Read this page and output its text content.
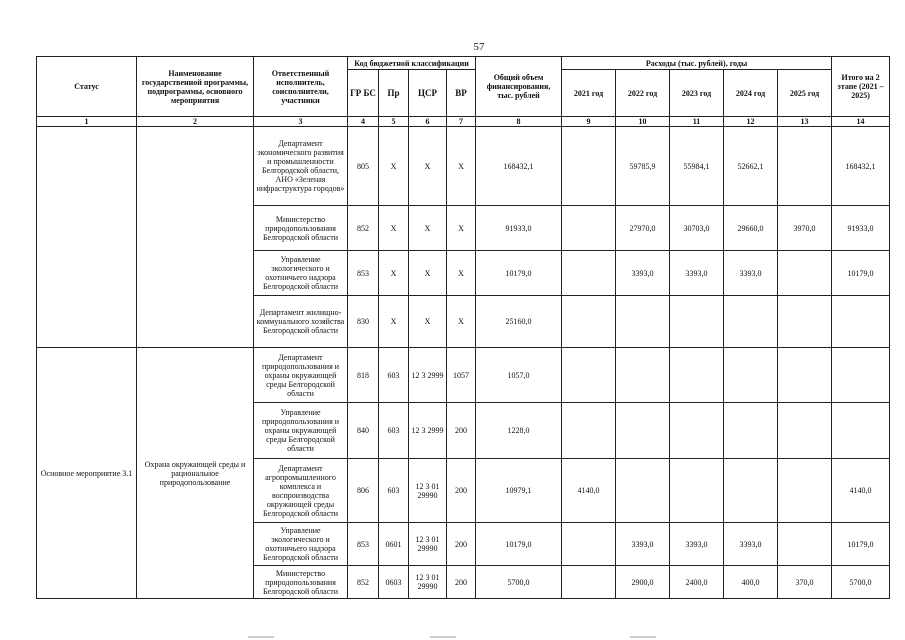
57
Статус	Наименование государственной программы, подпрограммы, основного мероприятия	Ответственный исполнитель, соисполнители, участники	Код бюджетной классификации				Общий объем финансирования, тыс. рублей	Расходы (тыс. рублей), годы					Итого на 2 этапе (2021 – 2025)
			ГР БС	Пр	ЦСР	ВР		2021 год	2022 год	2023 год	2024 год	2025 год	
1	2	3	4	5	6	7	8	9	10	11	12	13	14
		Департамент экономического развития и промышленности Белгородской области, АНО «Зеленая инфраструктура городов»	805	X	X	X	168432,1		59785,9	55984,1	52662,1		168432,1
		Министерство природопользования Белгородской области	852	X	X	X	91933,0		27970,0	30703,0	29660,0	3970,0	91933,0
		Управление экологического и охотничьего надзора Белгородской области	853	X	X	X	10179,0		3393,0	3393,0	3393,0		10179,0
		Департамент жилищно-коммунального хозяйства Белгородской области	830	X	X	X	25160,0						
Основное мероприятие 3.1	Охрана окружающей среды и рациональное природопользование	Департамент природопользования и охраны окружающей среды Белгородской области	818	603	12 3 2999	1057	1057,0						
		Управление природопользования и охраны окружающей среды Белгородской области	840	603	12 3 2999	200	1228,0						
		Департамент агропромышленного комплекса и воспроизводства окружающей среды Белгородской области	806	603	12 3 01 29990	200	10979,1	4140,0					4140,0
		Управление экологического и охотничьего надзора Белгородской области	853	0601	12 3 01 29990	200	10179,0		3393,0	3393,0	3393,0		10179,0
		Министерство природопользования Белгородской области	852	0603	12 3 01 29990	200	5700,0		2900,0	2400,0	400,0	370,0	5700,0
